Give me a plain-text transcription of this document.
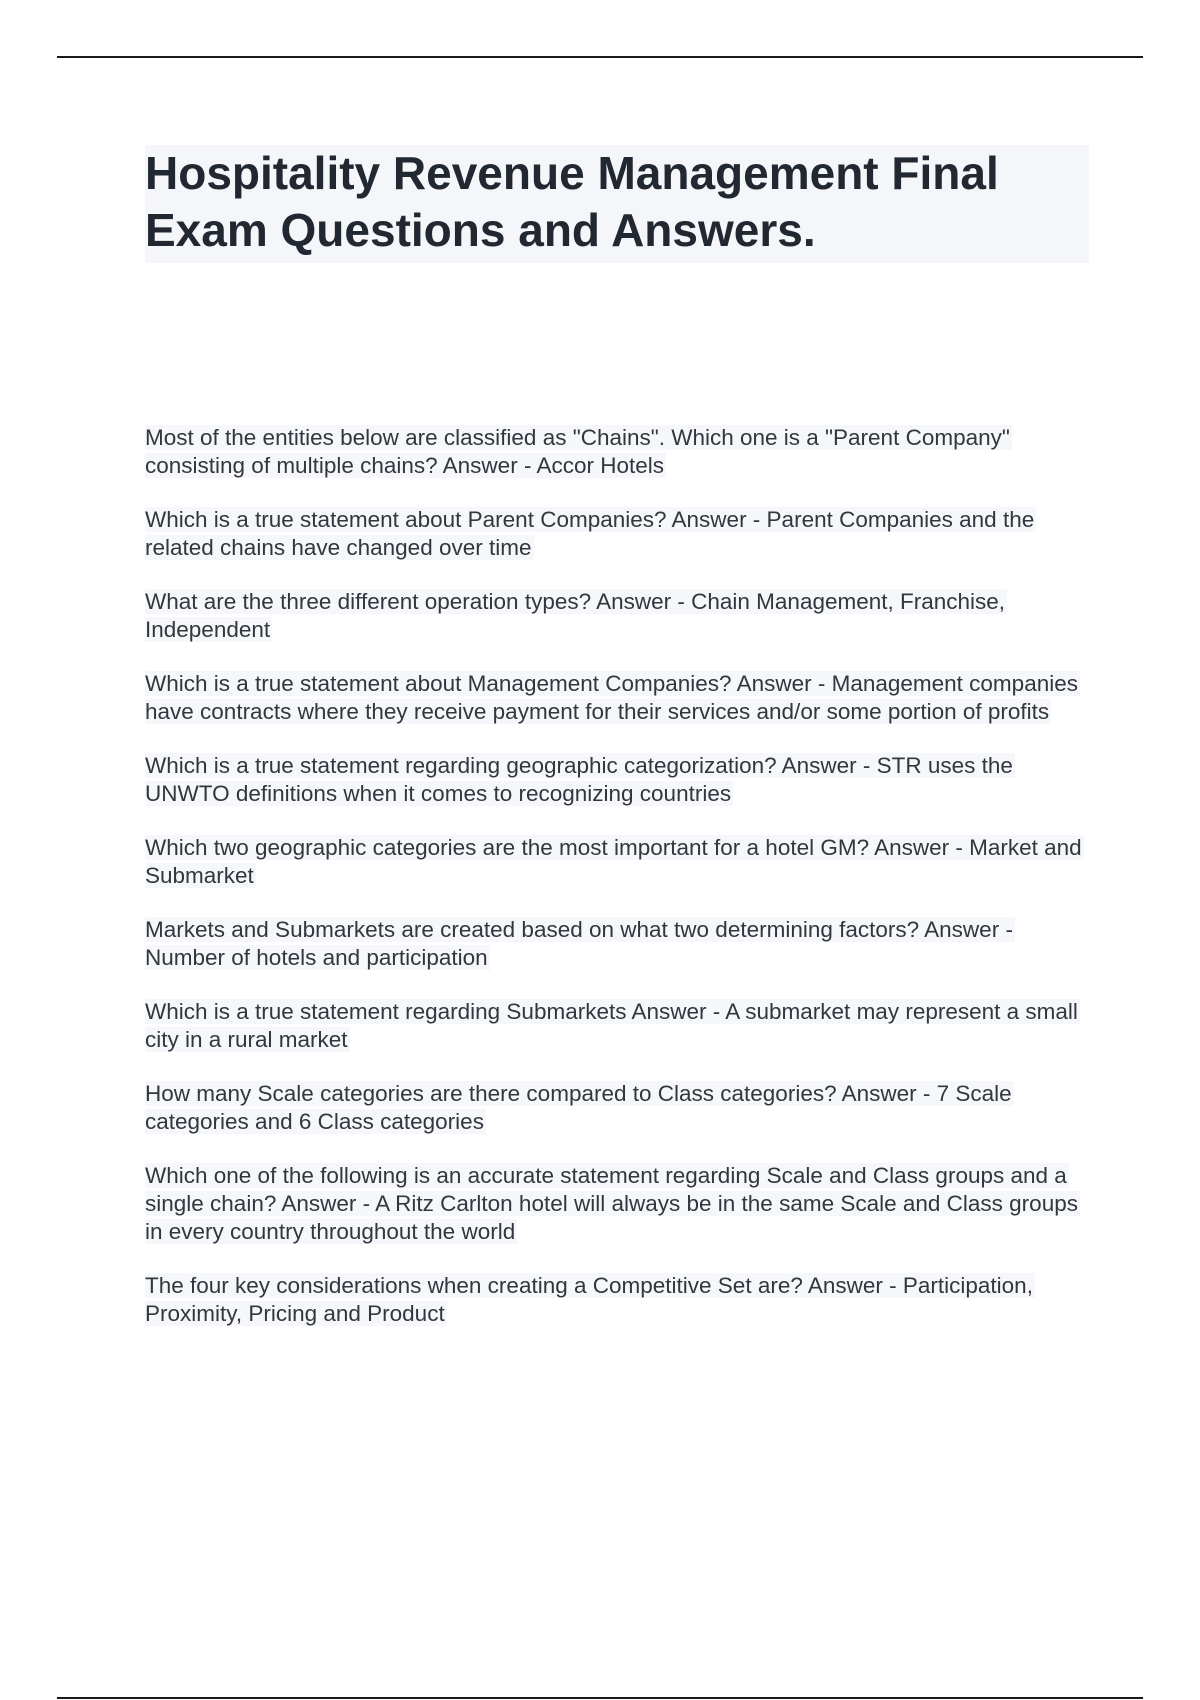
Hospitality Revenue Management Final Exam Questions and Answers.
Most of the entities below are classified as "Chains". Which one is a "Parent Company" consisting of multiple chains? Answer - Accor Hotels
Which is a true statement about Parent Companies? Answer - Parent Companies and the related chains have changed over time
What are the three different operation types? Answer - Chain Management, Franchise, Independent
Which is a true statement about Management Companies? Answer - Management companies have contracts where they receive payment for their services and/or some portion of profits
Which is a true statement regarding geographic categorization? Answer - STR uses the UNWTO definitions when it comes to recognizing countries
Which two geographic categories are the most important for a hotel GM? Answer - Market and Submarket
Markets and Submarkets are created based on what two determining factors? Answer - Number of hotels and participation
Which is a true statement regarding Submarkets Answer - A submarket may represent a small city in a rural market
How many Scale categories are there compared to Class categories? Answer - 7 Scale categories and 6 Class categories
Which one of the following is an accurate statement regarding Scale and Class groups and a single chain? Answer - A Ritz Carlton hotel will always be in the same Scale and Class groups in every country throughout the world
The four key considerations when creating a Competitive Set are? Answer - Participation, Proximity, Pricing and Product
